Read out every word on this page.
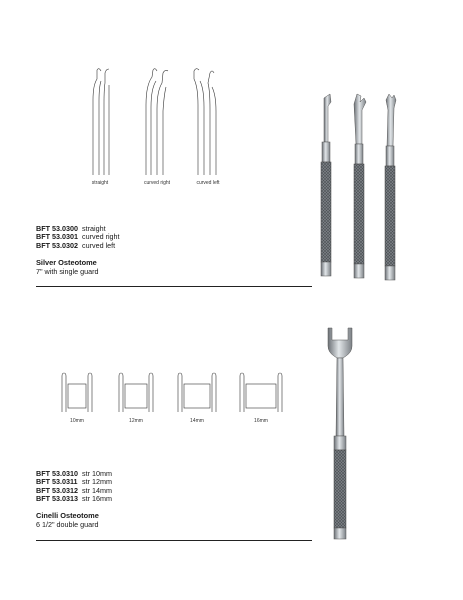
straight	curved right	curved left
BFT 53.0300 straight
BFT 53.0301 curved right
BFT 53.0302 curved left
Silver Osteotome
7" with single guard
10mm	12mm	14mm	16mm
BFT 53.0310 str 10mm
BFT 53.0311 str 12mm
BFT 53.0312 str 14mm
BFT 53.0313 str 16mm
Cinelli Osteotome
6 1/2" double guard
